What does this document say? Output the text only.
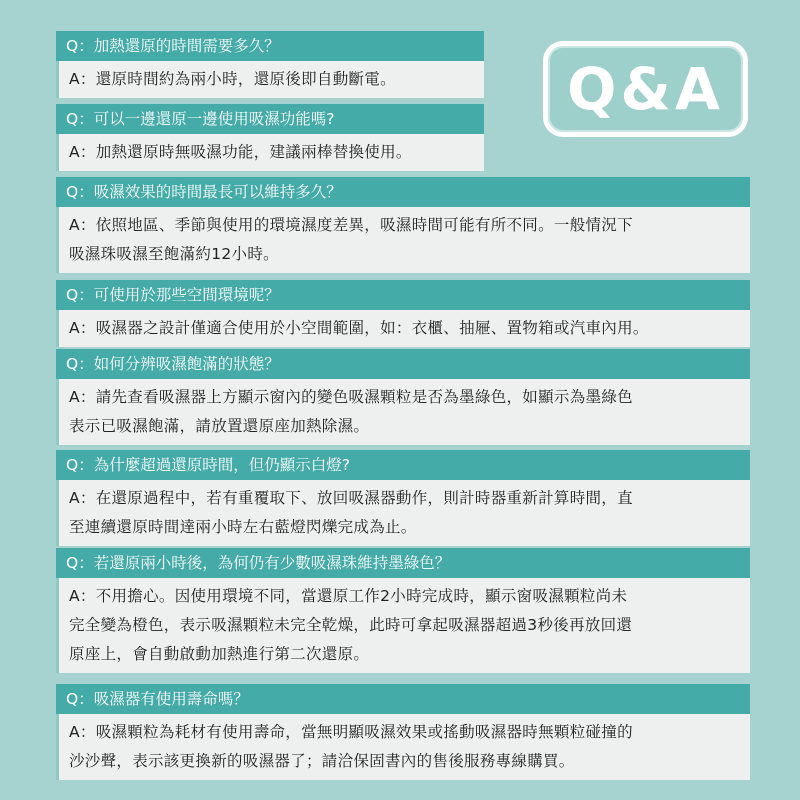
Q&A
Q：加熱還原的時間需要多久？
A：還原時間約為兩小時，還原後即自動斷電。
Q：可以一邊還原一邊使用吸濕功能嗎?
A：加熱還原時無吸濕功能，建議兩棒替換使用。
Q：吸濕效果的時間最長可以維持多久？
A：依照地區、季節與使用的環境濕度差異，吸濕時間可能有所不同。一般情況下
吸濕珠吸濕至飽滿約12小時。
Q：可使用於那些空間環境呢？
A：吸濕器之設計僅適合使用於小空間範圍，如：衣櫃、抽屜、置物箱或汽車內用。
Q：如何分辨吸濕飽滿的狀態？
A：請先查看吸濕器上方顯示窗內的變色吸濕顆粒是否為墨綠色，如顯示為墨綠色
表示已吸濕飽滿，請放置還原座加熱除濕。
Q：為什麼超過還原時間，但仍顯示白燈?
A：在還原過程中，若有重覆取下、放回吸濕器動作，則計時器重新計算時間，直
至連續還原時間達兩小時左右藍燈閃爍完成為止。
Q：若還原兩小時後，為何仍有少數吸濕珠維持墨綠色？
A：不用擔心。因使用環境不同，當還原工作2小時完成時，顯示窗吸濕顆粒尚未
完全變為橙色，表示吸濕顆粒未完全乾燥，此時可拿起吸濕器超過3秒後再放回還
原座上，會自動啟動加熱進行第二次還原。
Q：吸濕器有使用壽命嗎？
A：吸濕顆粒為耗材有使用壽命，當無明顯吸濕效果或搖動吸濕器時無顆粒碰撞的
沙沙聲，表示該更換新的吸濕器了；請洽保固書內的售後服務專線購買。
